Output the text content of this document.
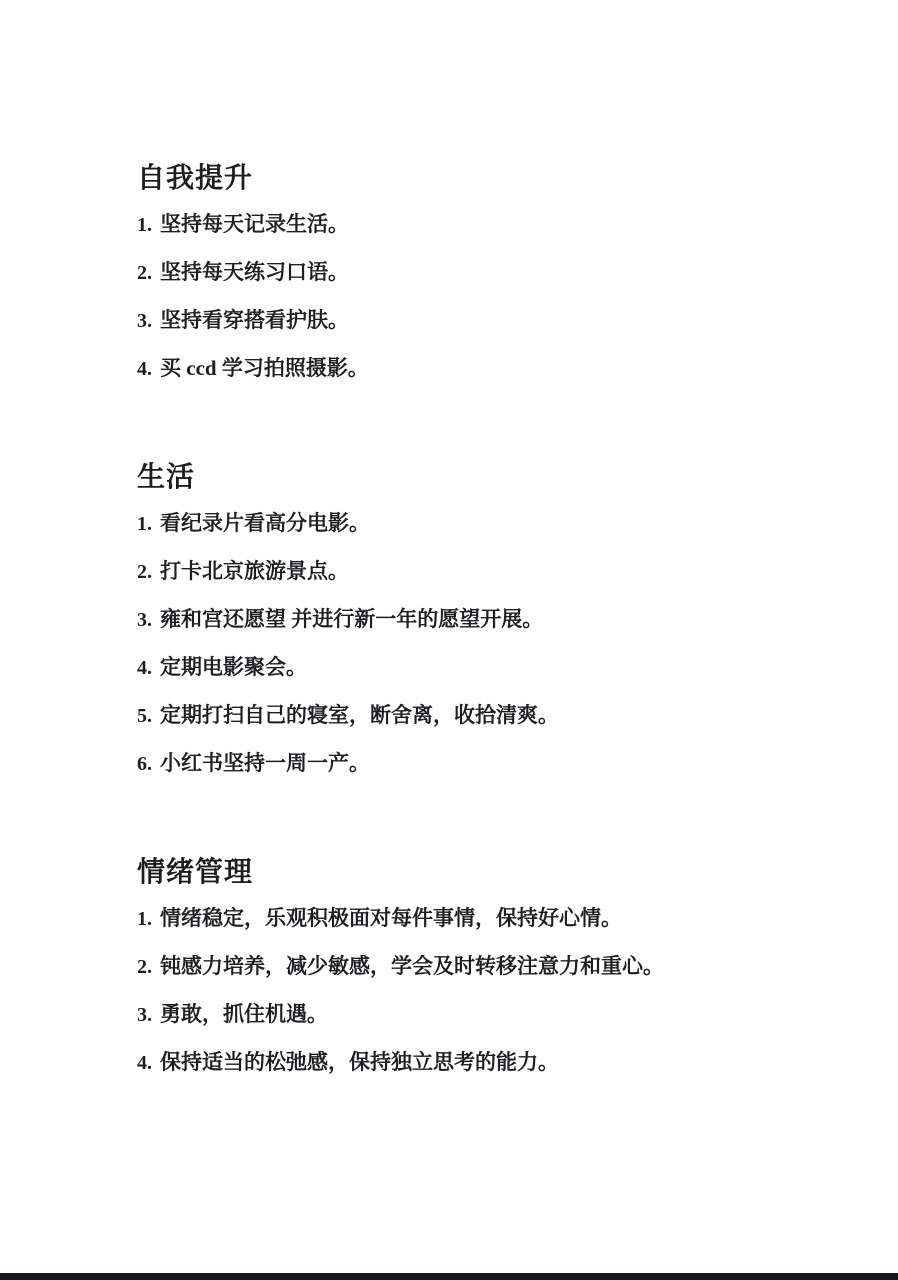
自我提升
1. 坚持每天记录生活。
2. 坚持每天练习口语。
3. 坚持看穿搭看护肤。
4. 买 ccd 学习拍照摄影。
生活
1. 看纪录片看高分电影。
2. 打卡北京旅游景点。
3. 雍和宫还愿望 并进行新一年的愿望开展。
4. 定期电影聚会。
5. 定期打扫自己的寝室，断舍离，收拾清爽。
6. 小红书坚持一周一产。
情绪管理
1. 情绪稳定，乐观积极面对每件事情，保持好心情。
2. 钝感力培养，减少敏感，学会及时转移注意力和重心。
3. 勇敢，抓住机遇。
4. 保持适当的松弛感，保持独立思考的能力。
